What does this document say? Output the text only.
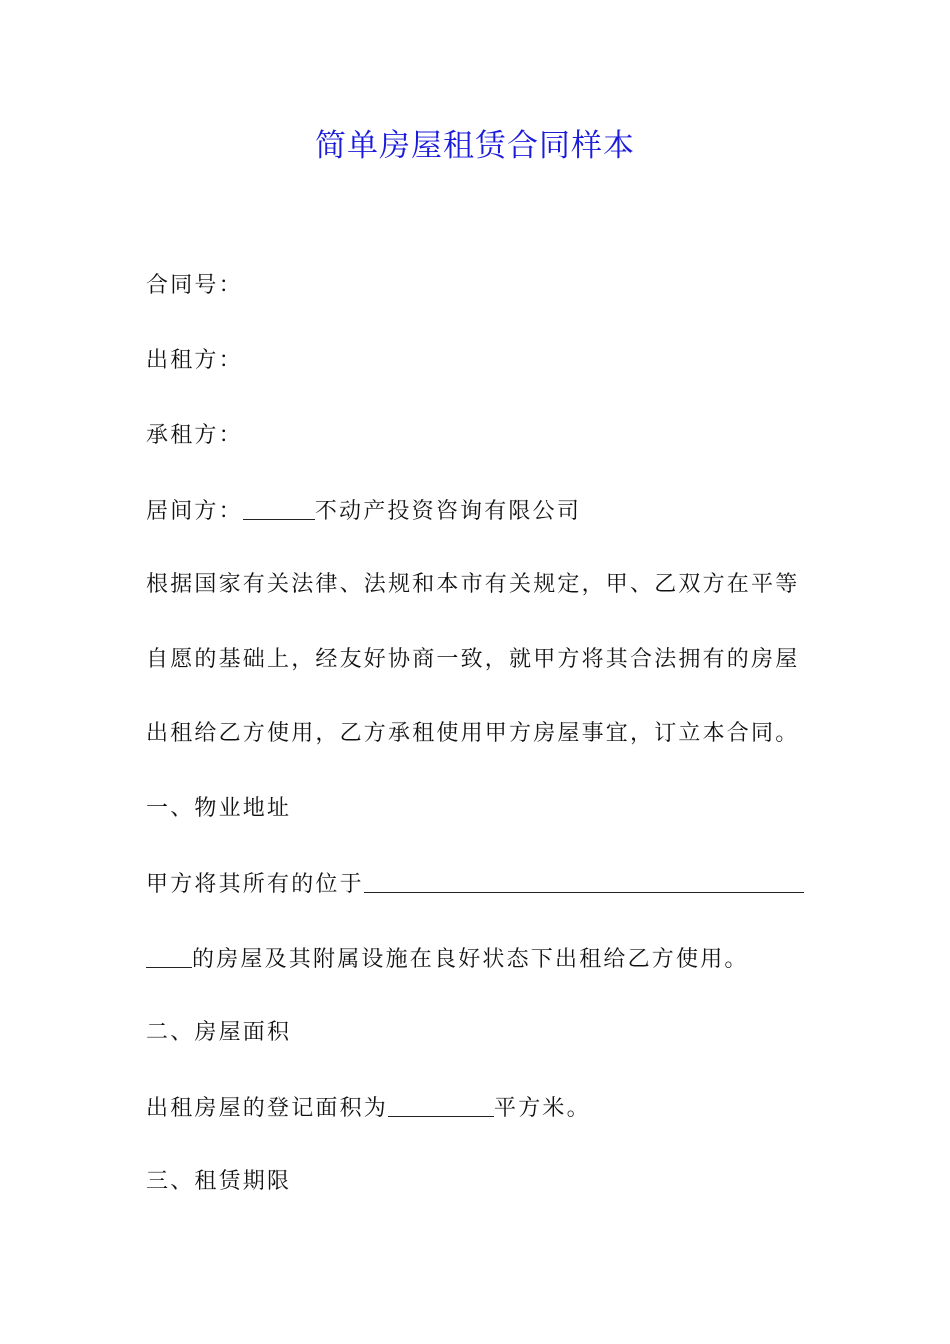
简单房屋租赁合同样本
合同号：
出租方：
承租方：
居间方：	不动产投资咨询有限公司
根据国家有关法律、法规和本市有关规定，甲、乙双方在平等
自愿的基础上，经友好协商一致，就甲方将其合法拥有的房屋
出租给乙方使用，乙方承租使用甲方房屋事宜，订立本合同。
一、物业地址
甲方将其所有的位于
的房屋及其附属设施在良好状态下出租给乙方使用。
二、房屋面积
出租房屋的登记面积为	平方米。
三、租赁期限
